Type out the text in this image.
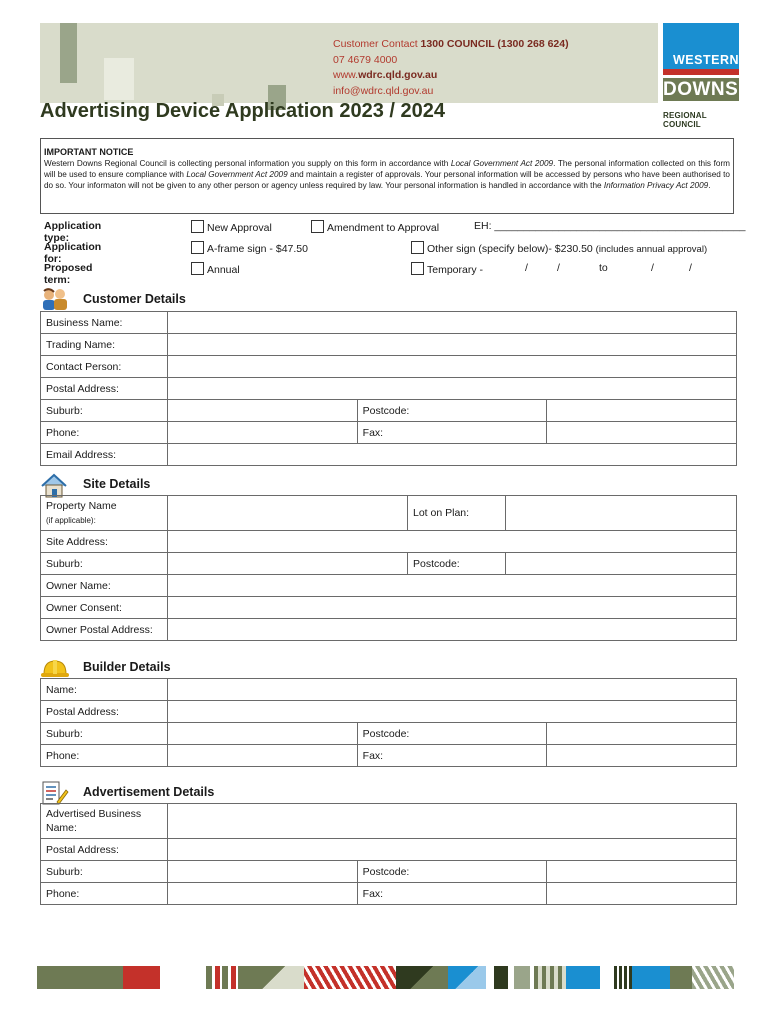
Customer Contact 1300 COUNCIL (1300 268 624)
07 4679 4000
www.wdrc.qld.gov.au
info@wdrc.qld.gov.au
WESTERN
DOWNS
REGIONAL COUNCIL
Advertising Device Application 2023 / 2024
IMPORTANT NOTICE
Western Downs Regional Council is collecting personal information you supply on this form in accordance with Local Government Act 2009. The personal information collected on this form will be used to ensure compliance with Local Government Act 2009 and maintain a register of approvals. Your personal information will be accessed by persons who have been authorised to do so. Your informaton will not be given to any other person or agency unless required by law. Your personal information is handled in accordance with the Information Privacy Act 2009.
Application type:
New Approval	Amendment to Approval	EH: ___________________________________________
Application for:
A-frame sign - $47.50	Other sign (specify below)- $230.50 (includes annual approval)
Proposed term:
Annual	Temporary -	/	/	to	/	/
Customer Details
Business Name:			
Trading Name:			
Contact Person:			
Postal Address:			
Suburb:		Postcode:	
Phone:		Fax:	
Email Address:			
Site Details
Property Name
(if applicable):		Lot on Plan:	
Site Address:			
Suburb:		Postcode:	
Owner Name:			
Owner Consent:			
Owner Postal Address:			
Builder Details
Name:			
Postal Address:			
Suburb:		Postcode:	
Phone:		Fax:	
Advertisement Details
Advertised Business
Name:			
Postal Address:			
Suburb:		Postcode:	
Phone:		Fax:	
